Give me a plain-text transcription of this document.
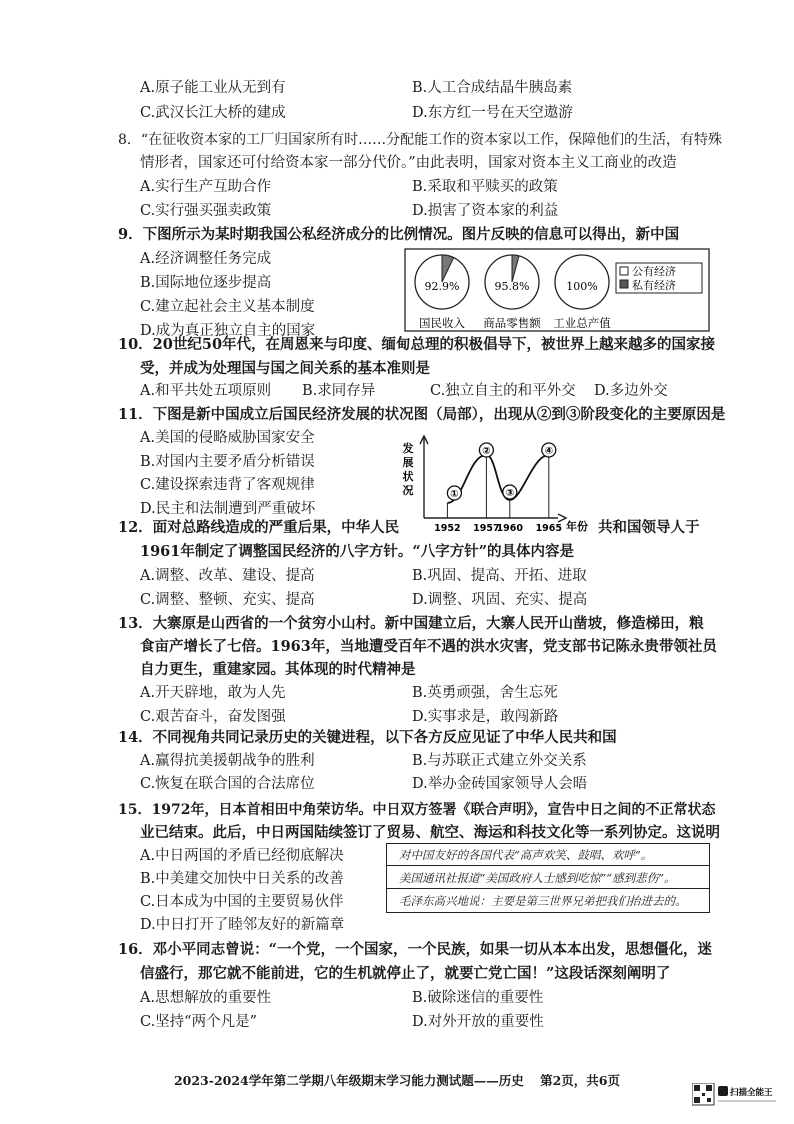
A.原子能工业从无到有	B.人工合成结晶牛胰岛素
C.武汉长江大桥的建成	D.东方红一号在天空遨游
8．“在征收资本家的工厂归国家所有时……分配能工作的资本家以工作，保障他们的生活，有特殊
情形者，国家还可付给资本家一部分代价。”由此表明，国家对资本主义工商业的改造
A.实行生产互助合作	B.采取和平赎买的政策
C.实行强买强卖政策	D.损害了资本家的利益
9．下图所示为某时期我国公私经济成分的比例情况。图片反映的信息可以得出，新中国
A.经济调整任务完成
B.国际地位逐步提高
C.建立起社会主义基本制度
D.成为真正独立自主的国家
92.9%
国民收入
95.8%
商品零售额
100%
工业总产值
公有经济
私有经济
10．20世纪50年代，在周恩来与印度、缅甸总理的积极倡导下，被世界上越来越多的国家接
受，并成为处理国与国之间关系的基本准则是
A.和平共处五项原则 B.求同存异	C.独立自主的和平外交 D.多边外交
11．下图是新中国成立后国民经济发展的状况图（局部），出现从②到③阶段变化的主要原因是
A.美国的侵略威胁国家安全
B.对国内主要矛盾分析错误
C.建设探索违背了客观规律
D.民主和法制遭到严重破坏
发
展
状
况
年份
1952
①
1957
②
1960
③
1965
④
12．面对总路线造成的严重后果，中华人民	共和国领导人于
1961年制定了调整国民经济的八字方针。“八字方针”的具体内容是
A.调整、改革、建设、提高	B.巩固、提高、开拓、进取
C.调整、整顿、充实、提高	D.调整、巩固、充实、提高
13．大寨原是山西省的一个贫穷小山村。新中国建立后，大寨人民开山凿坡，修造梯田，粮
食亩产增长了七倍。1963年，当地遭受百年不遇的洪水灾害，党支部书记陈永贵带领社员
自力更生，重建家园。其体现的时代精神是
A.开天辟地，敢为人先	B.英勇顽强，舍生忘死
C.艰苦奋斗，奋发图强	D.实事求是，敢闯新路
14．不同视角共同记录历史的关键进程，以下各方反应见证了中华人民共和国
A.赢得抗美援朝战争的胜利	B.与苏联正式建立外交关系
C.恢复在联合国的合法席位	D.举办金砖国家领导人会晤
15．1972年，日本首相田中角荣访华。中日双方签署《联合声明》，宣告中日之间的不正常状态
业已结束。此后，中日两国陆续签订了贸易、航空、海运和科技文化等一系列协定。这说明
A.中日两国的矛盾已经彻底解决
B.中美建交加快中日关系的改善
C.日本成为中国的主要贸易伙伴
D.中日打开了睦邻友好的新篇章
对中国友好的各国代表“高声欢笑、鼓唱、欢呼”。
美国通讯社报道“美国政府人士感到吃惊”“感到悲伤”。
毛泽东高兴地说：主要是第三世界兄弟把我们抬进去的。
16．邓小平同志曾说：“一个党，一个国家，一个民族，如果一切从本本出发，思想僵化，迷
信盛行，那它就不能前进，它的生机就停止了，就要亡党亡国！”这段话深刻阐明了
A.思想解放的重要性	B.破除迷信的重要性
C.坚持“两个凡是”	D.对外开放的重要性
2023-2024学年第二学期八年级期末学习能力测试题——历史 第2页，共6页
扫描全能王
